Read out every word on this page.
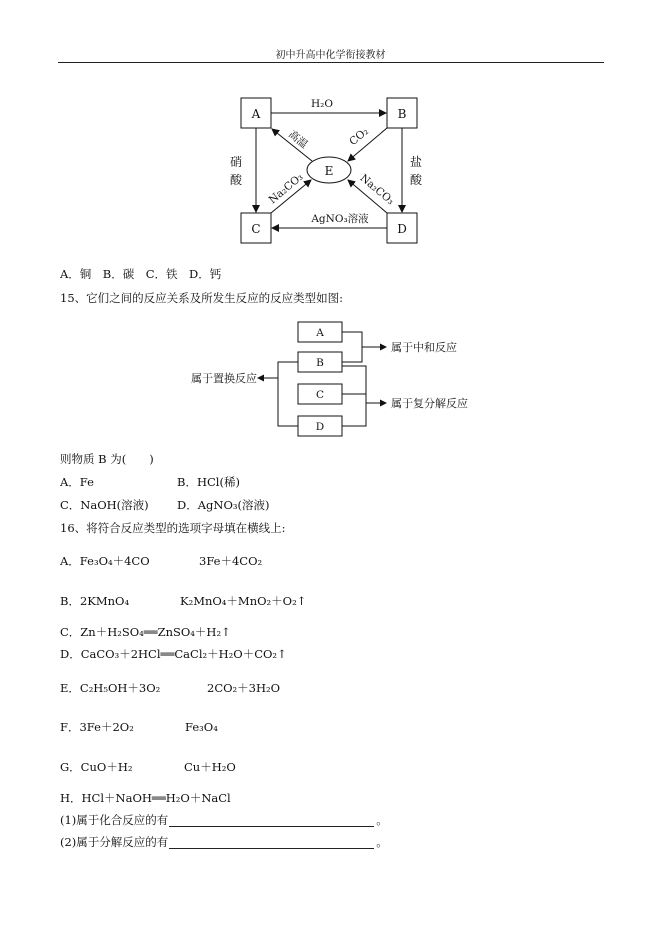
初中升高中化学衔接教材
A	B
C	D
E
H₂O
硝
酸
盐
酸
AgNO₃溶液
高温	CO₂
Na₂CO₃	Na₂CO₃
A．铜　B．碳　C．铁　D．钙
15、它们之间的反应关系及所发生反应的反应类型如图:
A
B
C
D
属于置换反应
属于中和反应
属于复分解反应
则物质 B 为(　　)
A．Fe	B．HCl(稀)
C．NaOH(溶液) D．AgNO₃(溶液)
16、将符合反应类型的选项字母填在横线上:
A．Fe₃O₄＋4CO	3Fe＋4CO₂
B．2KMnO₄	K₂MnO₄＋MnO₂＋O₂↑
C．Zn＋H₂SO₄══ZnSO₄＋H₂↑
D．CaCO₃＋2HCl══CaCl₂＋H₂O＋CO₂↑
E．C₂H₅OH＋3O₂	2CO₂＋3H₂O
F．3Fe＋2O₂	Fe₃O₄
G．CuO＋H₂	Cu＋H₂O
H．HCl＋NaOH══H₂O＋NaCl
(1)属于化合反应的有	。
(2)属于分解反应的有	。
